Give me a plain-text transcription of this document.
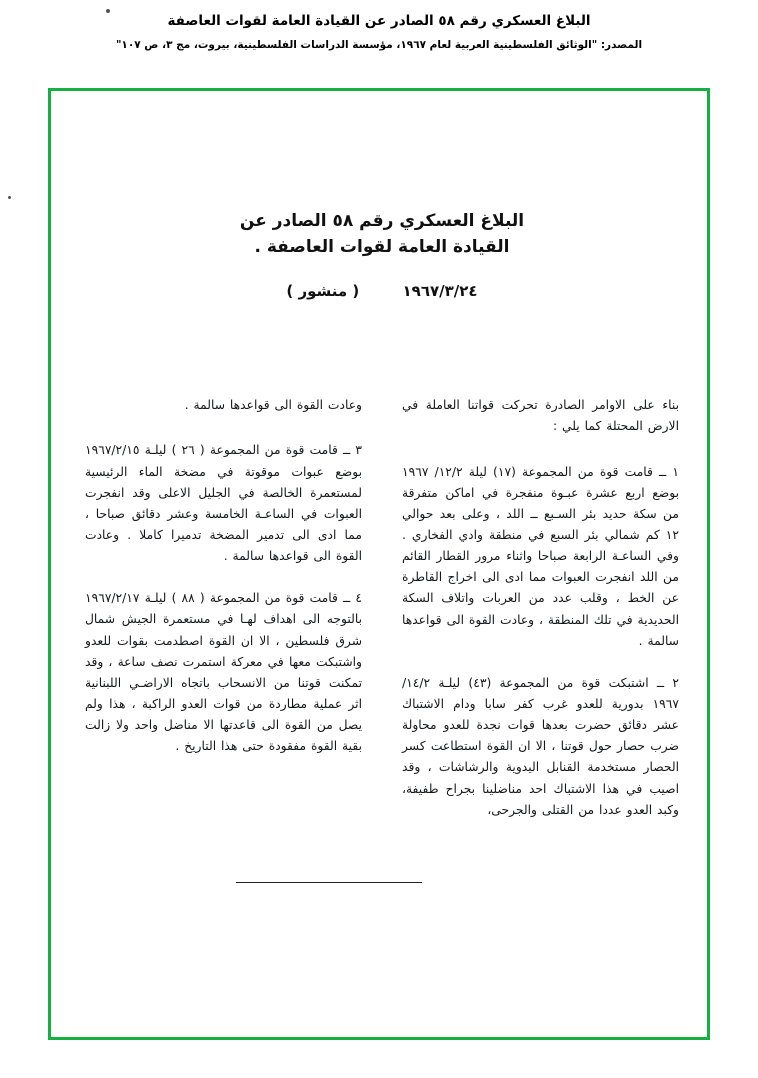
البلاغ العسكري رقم ٥٨ الصادر عن القيادة العامة لقوات العاصفة
المصدر: "الوثائق الفلسطينية العربية لعام ١٩٦٧، مؤسسة الدراسات الفلسطينية، بيروت، مج ٣، ص ١٠٧"
البلاغ العسكري رقم ٥٨ الصادر عن
القيادة العامة لقوات العاصفة .
١٩٦٧/٣/٢٤ ( منشور )

بناء على الاوامر الصادرة تحركت قواتنا العاملة في الارض المحتلة كما يلي :

١ ــ قامت قوة من المجموعة (١٧) ليلة ١٢/٢/ ١٩٦٧ بوضع اربع عشرة عبـوة منفجرة في اماكن متفرقة من سكة حديد بئر السـبع ــ اللد ، وعلى بعد حوالي ١٢ كم شمالي بئر السبع في منطقة وادي الفخاري . وفي الساعـة الرابعة صباحا واثناء مرور القطار القائم من اللد انفجرت العبوات مما ادى الى اخراج القاطرة عن الخط ، وقلب عدد من العربات واتلاف السكة الحديدية في تلك المنطقة ، وعادت القوة الى قواعدها سالمة .

٢ ــ اشتبكت قوة من المجموعة (٤٣) ليلـة ١٤/٢/ ١٩٦٧ بدورية للعدو غرب كفر سابا ودام الاشتباك عشر دقائق حضرت بعدها قوات نجدة للعدو محاولة ضرب حصار حول قوتنا ، الا ان القوة استطاعت كسر الحصار مستخدمة القنابل اليدوية والرشاشات ، وقد اصيب في هذا الاشتباك احد مناضلينا بجراح طفيفة، وكبد العدو عددا من القتلى والجرحى،

وعادت القوة الى قواعدها سالمة .

٣ ــ قامت قوة من المجموعة ( ٢٦ ) ليلـة ١٩٦٧/٢/١٥ بوضع عبوات موقوتة في مضخة الماء الرئيسية لمستعمرة الخالصة في الجليل الاعلى وقد انفجرت العبوات في الساعـة الخامسة وعشر دقائق صباحا ، مما ادى الى تدمير المضخة تدميرا كاملا . وعادت القوة الى قواعدها سالمة .

٤ ــ قامت قوة من المجموعة ( ٨٨ ) ليلـة ١٩٦٧/٢/١٧ بالتوجه الى اهداف لهـا في مستعمرة الجيش شمال شرق فلسطين ، الا ان القوة اصطدمت بقوات للعدو واشتبكت معها في معركة استمرت نصف ساعة ، وقد تمكنت قوتنا من الانسحاب باتجاه الاراضـي اللبنانية اثر عملية مطاردة من قوات العدو الراكبة ، هذا ولم يصل من القوة الى قاعدتها الا مناضل واحد ولا زالت بقية القوة مفقودة حتى هذا التاريخ .
